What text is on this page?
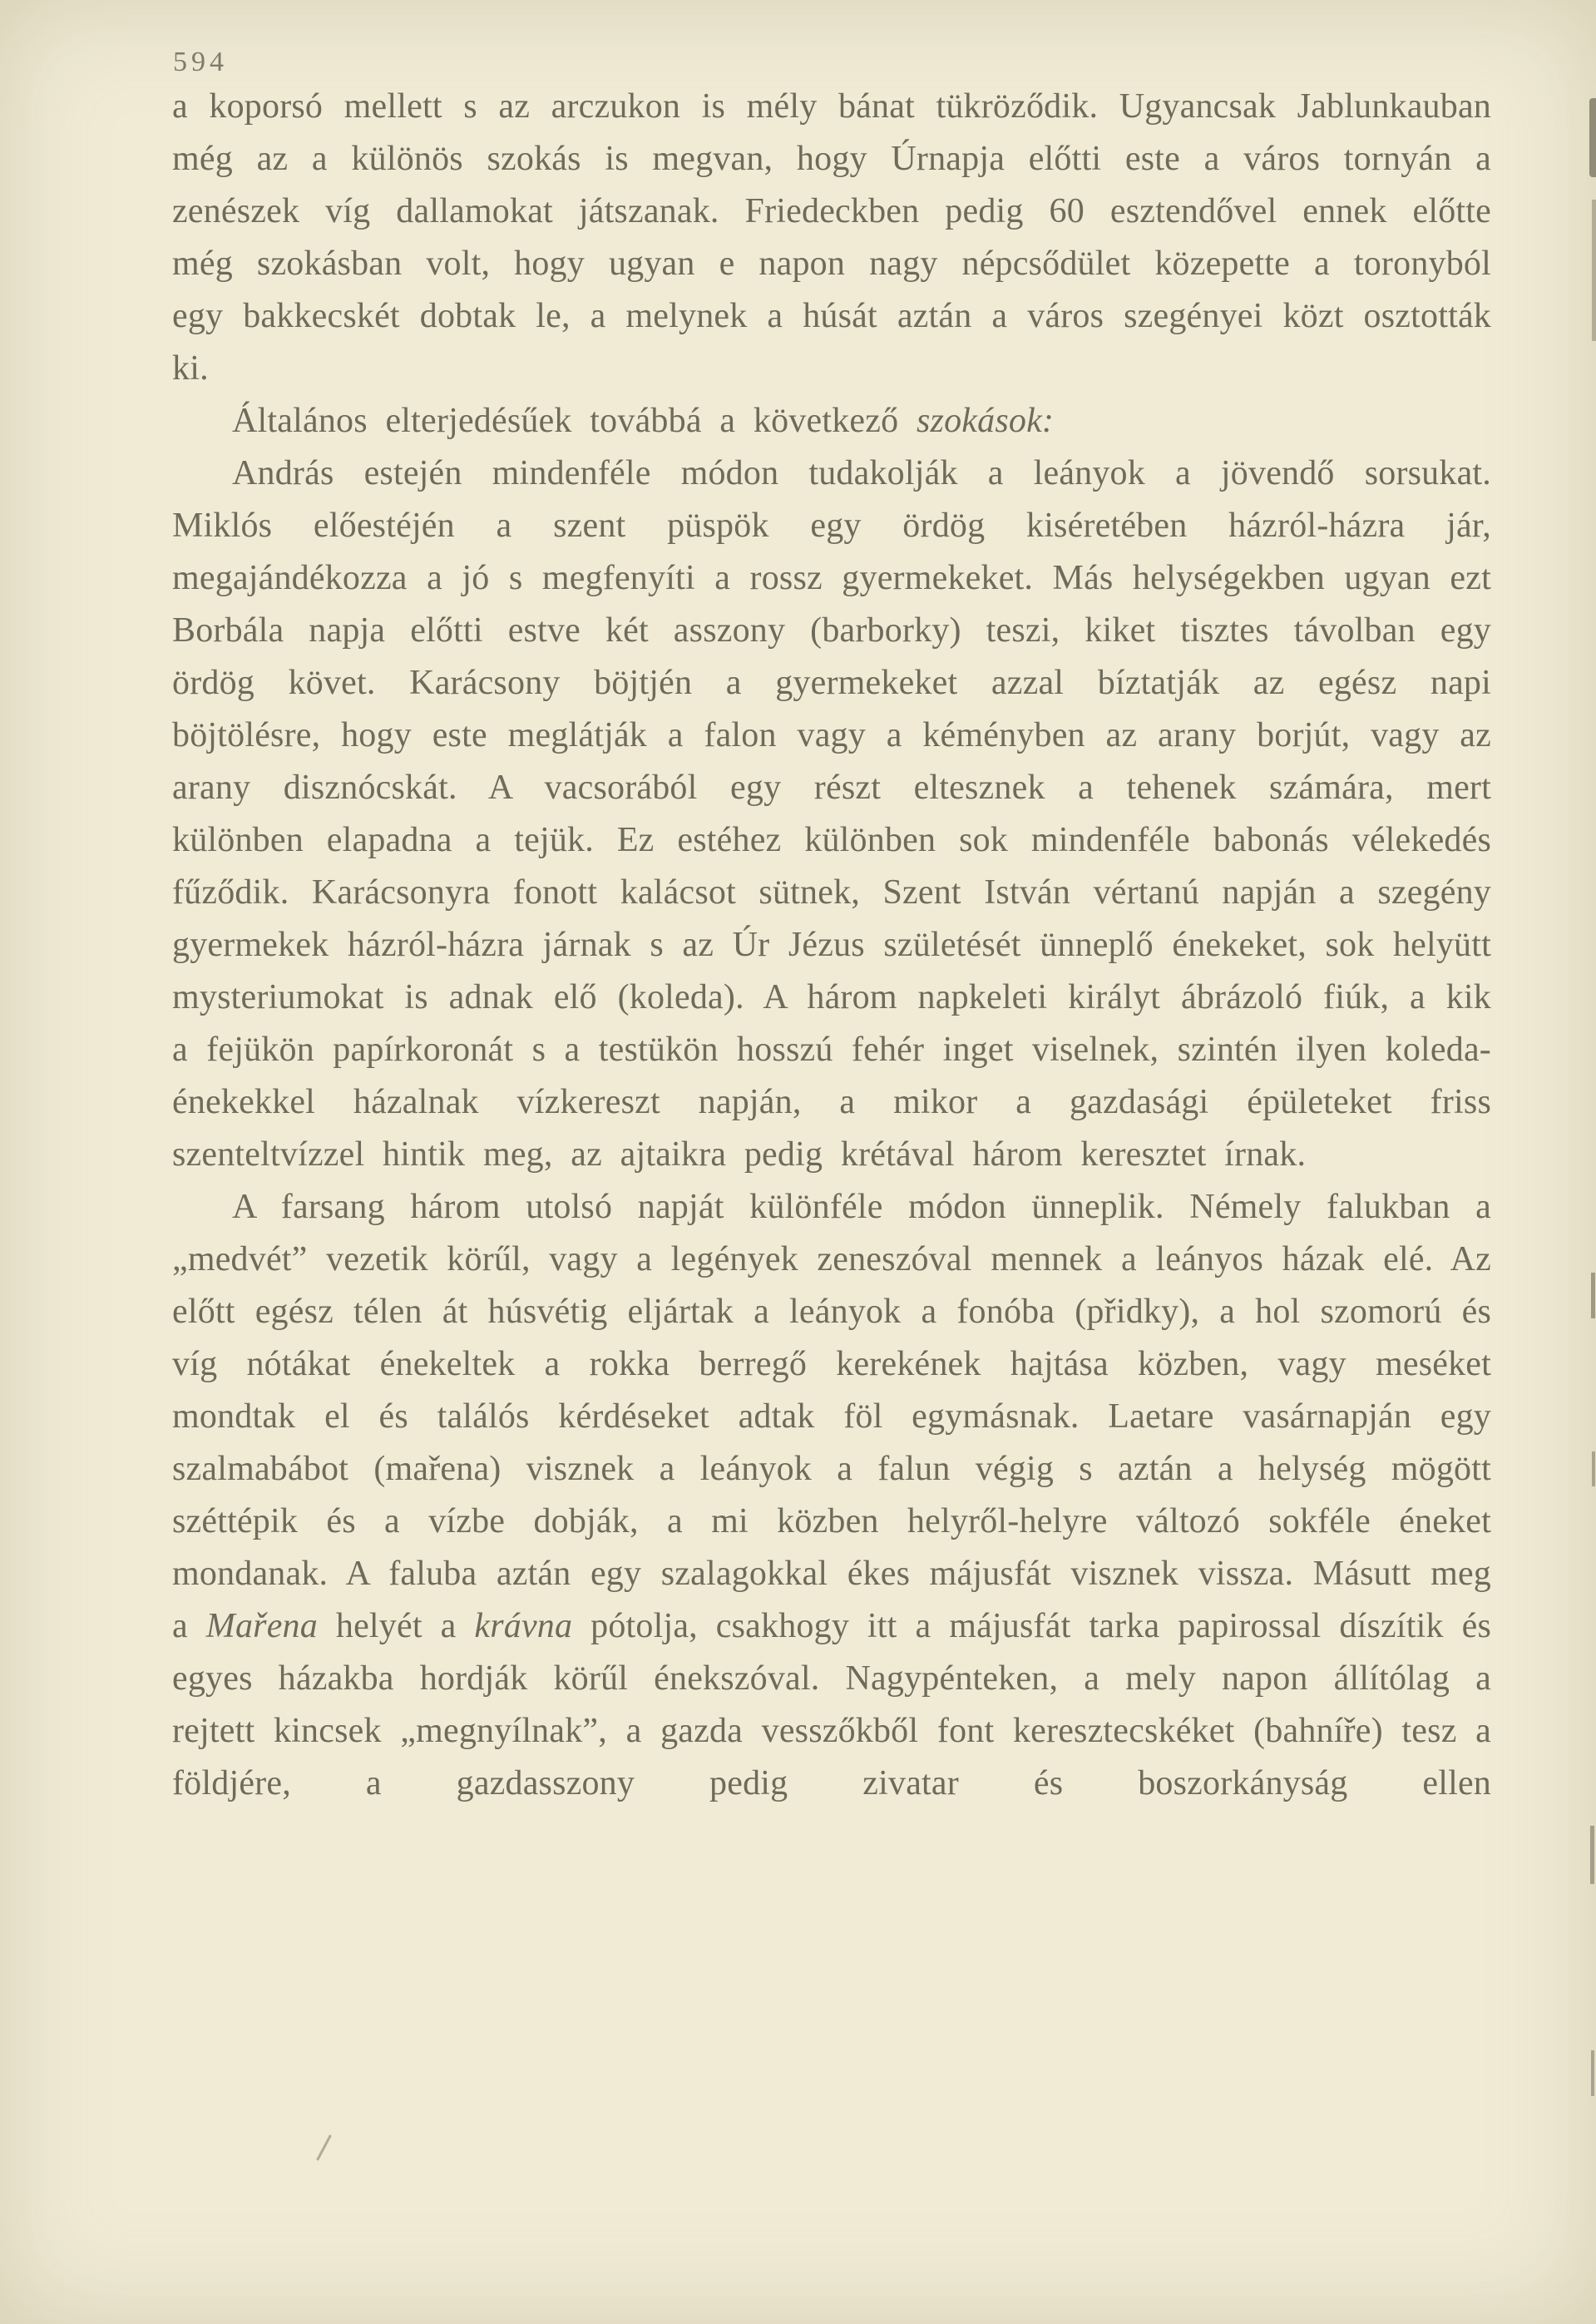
594

a koporsó mellett s az arczukon is mély bánat tükröződik. Ugyancsak Jablunkauban még az a különös szokás is megvan, hogy Úrnapja előtti este a város tornyán a zenészek víg dallamokat játszanak. Friedeckben pedig 60 esztendővel ennek előtte még szokásban volt, hogy ugyan e napon nagy népcsődület közepette a toronyból egy bakkecskét dobtak le, a melynek a húsát aztán a város szegényei közt osztották ki.

Általános elterjedésűek továbbá a következő szokások:

András estején mindenféle módon tudakolják a leányok a jövendő sorsukat. Miklós előestéjén a szent püspök egy ördög kiséretében házról-házra jár, megajándékozza a jó s megfenyíti a rossz gyermekeket. Más helységekben ugyan ezt Borbála napja előtti estve két asszony (barborky) teszi, kiket tisztes távolban egy ördög követ. Karácsony böjtjén a gyermekeket azzal bíztatják az egész napi böjtölésre, hogy este meglátják a falon vagy a kéményben az arany borjút, vagy az arany disznócskát. A vacsorából egy részt eltesznek a tehenek számára, mert különben elapadna a tejük. Ez estéhez különben sok mindenféle babonás vélekedés fűződik. Karácsonyra fonott kalácsot sütnek, Szent István vértanú napján a szegény gyermekek házról-házra járnak s az Úr Jézus születését ünneplő énekeket, sok helyütt mysteriumokat is adnak elő (koleda). A három napkeleti királyt ábrázoló fiúk, a kik a fejükön papírkoronát s a testükön hosszú fehér inget viselnek, szintén ilyen koleda-énekekkel házalnak vízkereszt napján, a mikor a gazdasági épületeket friss szenteltvízzel hintik meg, az ajtaikra pedig krétával három keresztet írnak.

A farsang három utolsó napját különféle módon ünneplik. Némely falukban a „medvét” vezetik körűl, vagy a legények zeneszóval mennek a leányos házak elé. Az előtt egész télen át húsvétig eljártak a leányok a fonóba (přidky), a hol szomorú és víg nótákat énekeltek a rokka berregő kerekének hajtása közben, vagy meséket mondtak el és találós kérdéseket adtak föl egymásnak. Laetare vasárnapján egy szalmabábot (mařena) visznek a leányok a falun végig s aztán a helység mögött széttépik és a vízbe dobják, a mi közben helyről-helyre változó sokféle éneket mondanak. A faluba aztán egy szalagokkal ékes májusfát visznek vissza. Másutt meg a Mařena helyét a krávna pótolja, csakhogy itt a májusfát tarka papirossal díszítik és egyes házakba hordják körűl énekszóval. Nagypénteken, a mely napon állítólag a rejtett kincsek „megnyílnak”, a gazda vesszőkből font keresztecskéket (bahníře) tesz a földjére, a gazdasszony pedig zivatar és boszorkányság ellen
